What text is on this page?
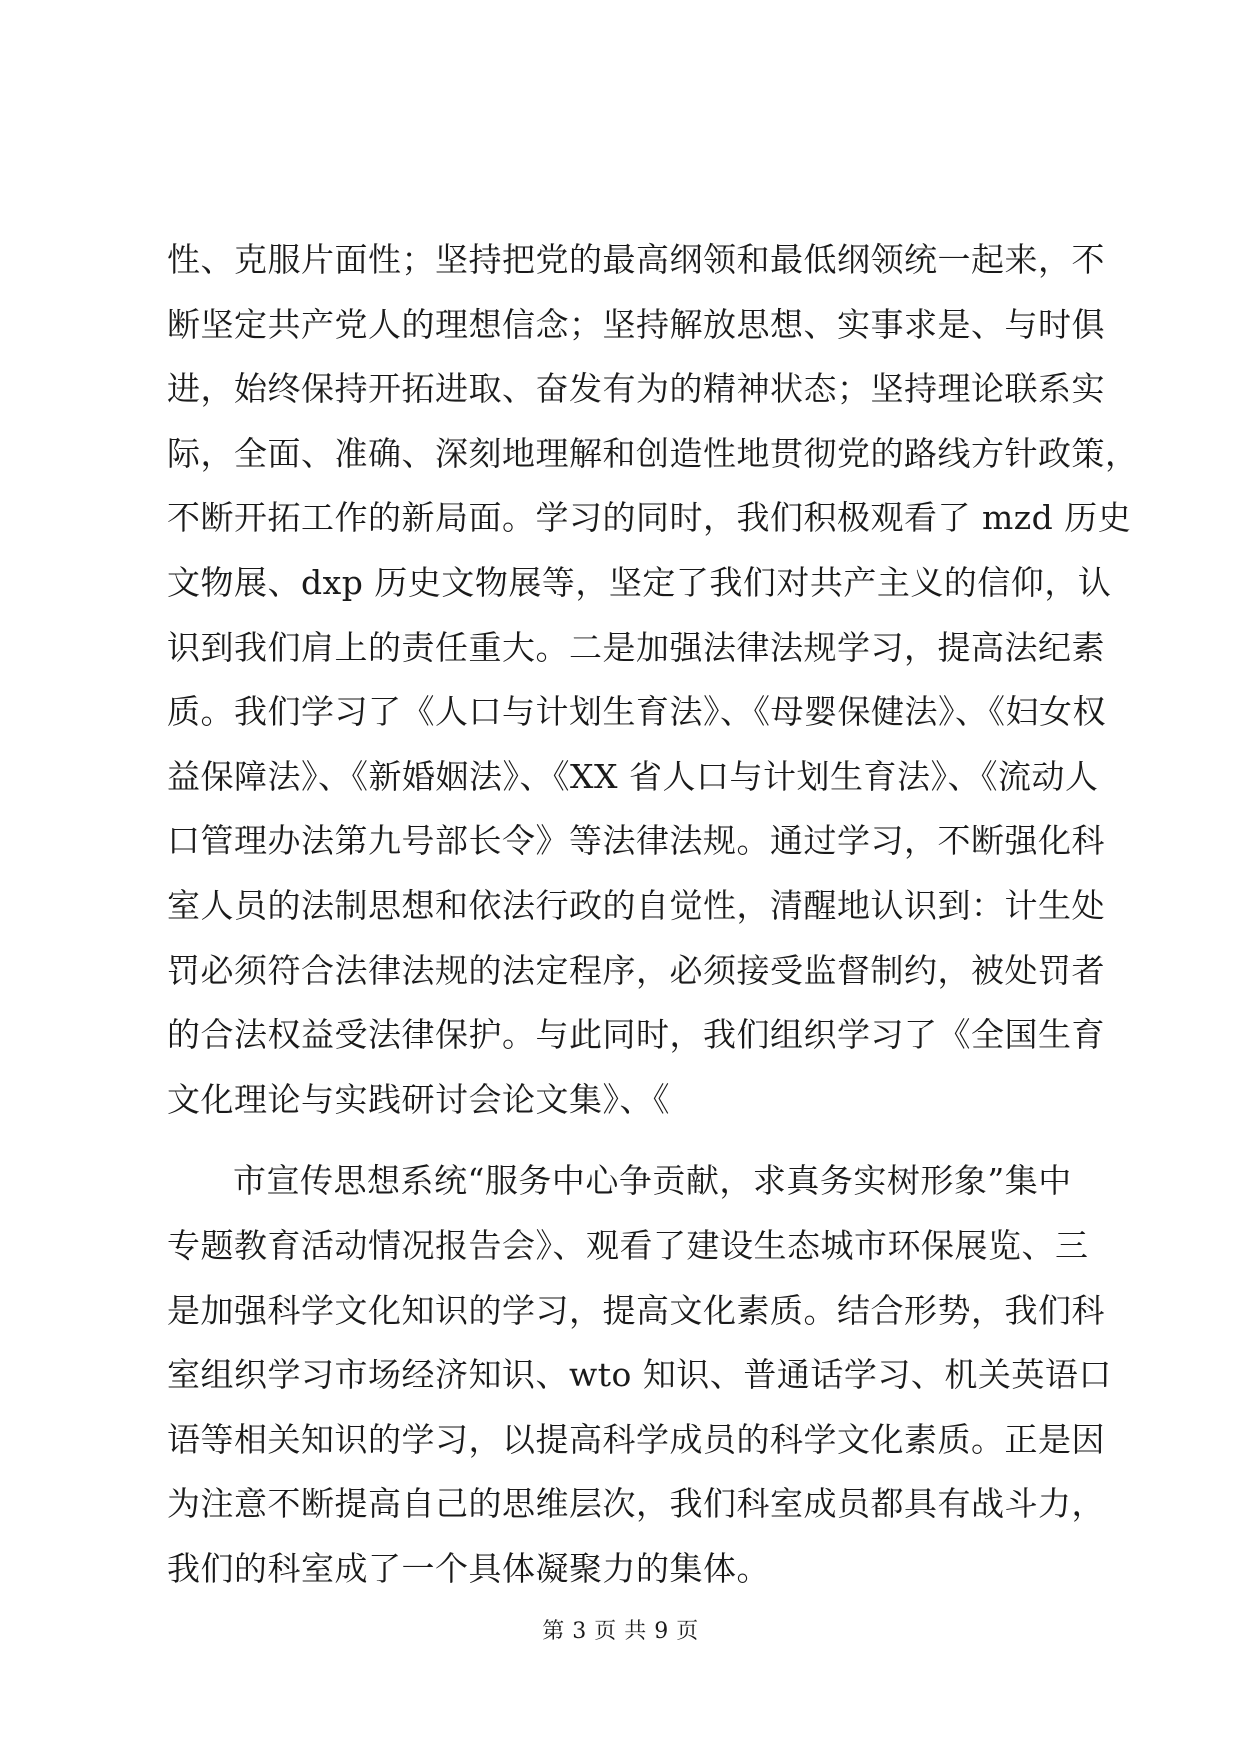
性、克服片面性；坚持把党的最高纲领和最低纲领统一起来，不
断坚定共产党人的理想信念；坚持解放思想、实事求是、与时俱
进，始终保持开拓进取、奋发有为的精神状态；坚持理论联系实
际，全面、准确、深刻地理解和创造性地贯彻党的路线方针政策，
不断开拓工作的新局面。学习的同时，我们积极观看了 mzd 历史
文物展、dxp 历史文物展等，坚定了我们对共产主义的信仰，认
识到我们肩上的责任重大。二是加强法律法规学习，提高法纪素
质。我们学习了《人口与计划生育法》、《母婴保健法》、《妇女权
益保障法》、《新婚姻法》、《XX 省人口与计划生育法》、《流动人
口管理办法第九号部长令》等法律法规。通过学习，不断强化科
室人员的法制思想和依法行政的自觉性，清醒地认识到：计生处
罚必须符合法律法规的法定程序，必须接受监督制约，被处罚者
的合法权益受法律保护。与此同时，我们组织学习了《全国生育
文化理论与实践研讨会论文集》、《
市宣传思想系统“服务中心争贡献，求真务实树形象”集中
专题教育活动情况报告会》、观看了建设生态城市环保展览、三
是加强科学文化知识的学习，提高文化素质。结合形势，我们科
室组织学习市场经济知识、wto 知识、普通话学习、机关英语口
语等相关知识的学习，以提高科学成员的科学文化素质。正是因
为注意不断提高自己的思维层次，我们科室成员都具有战斗力，
我们的科室成了一个具体凝聚力的集体。
第 3 页 共 9 页
